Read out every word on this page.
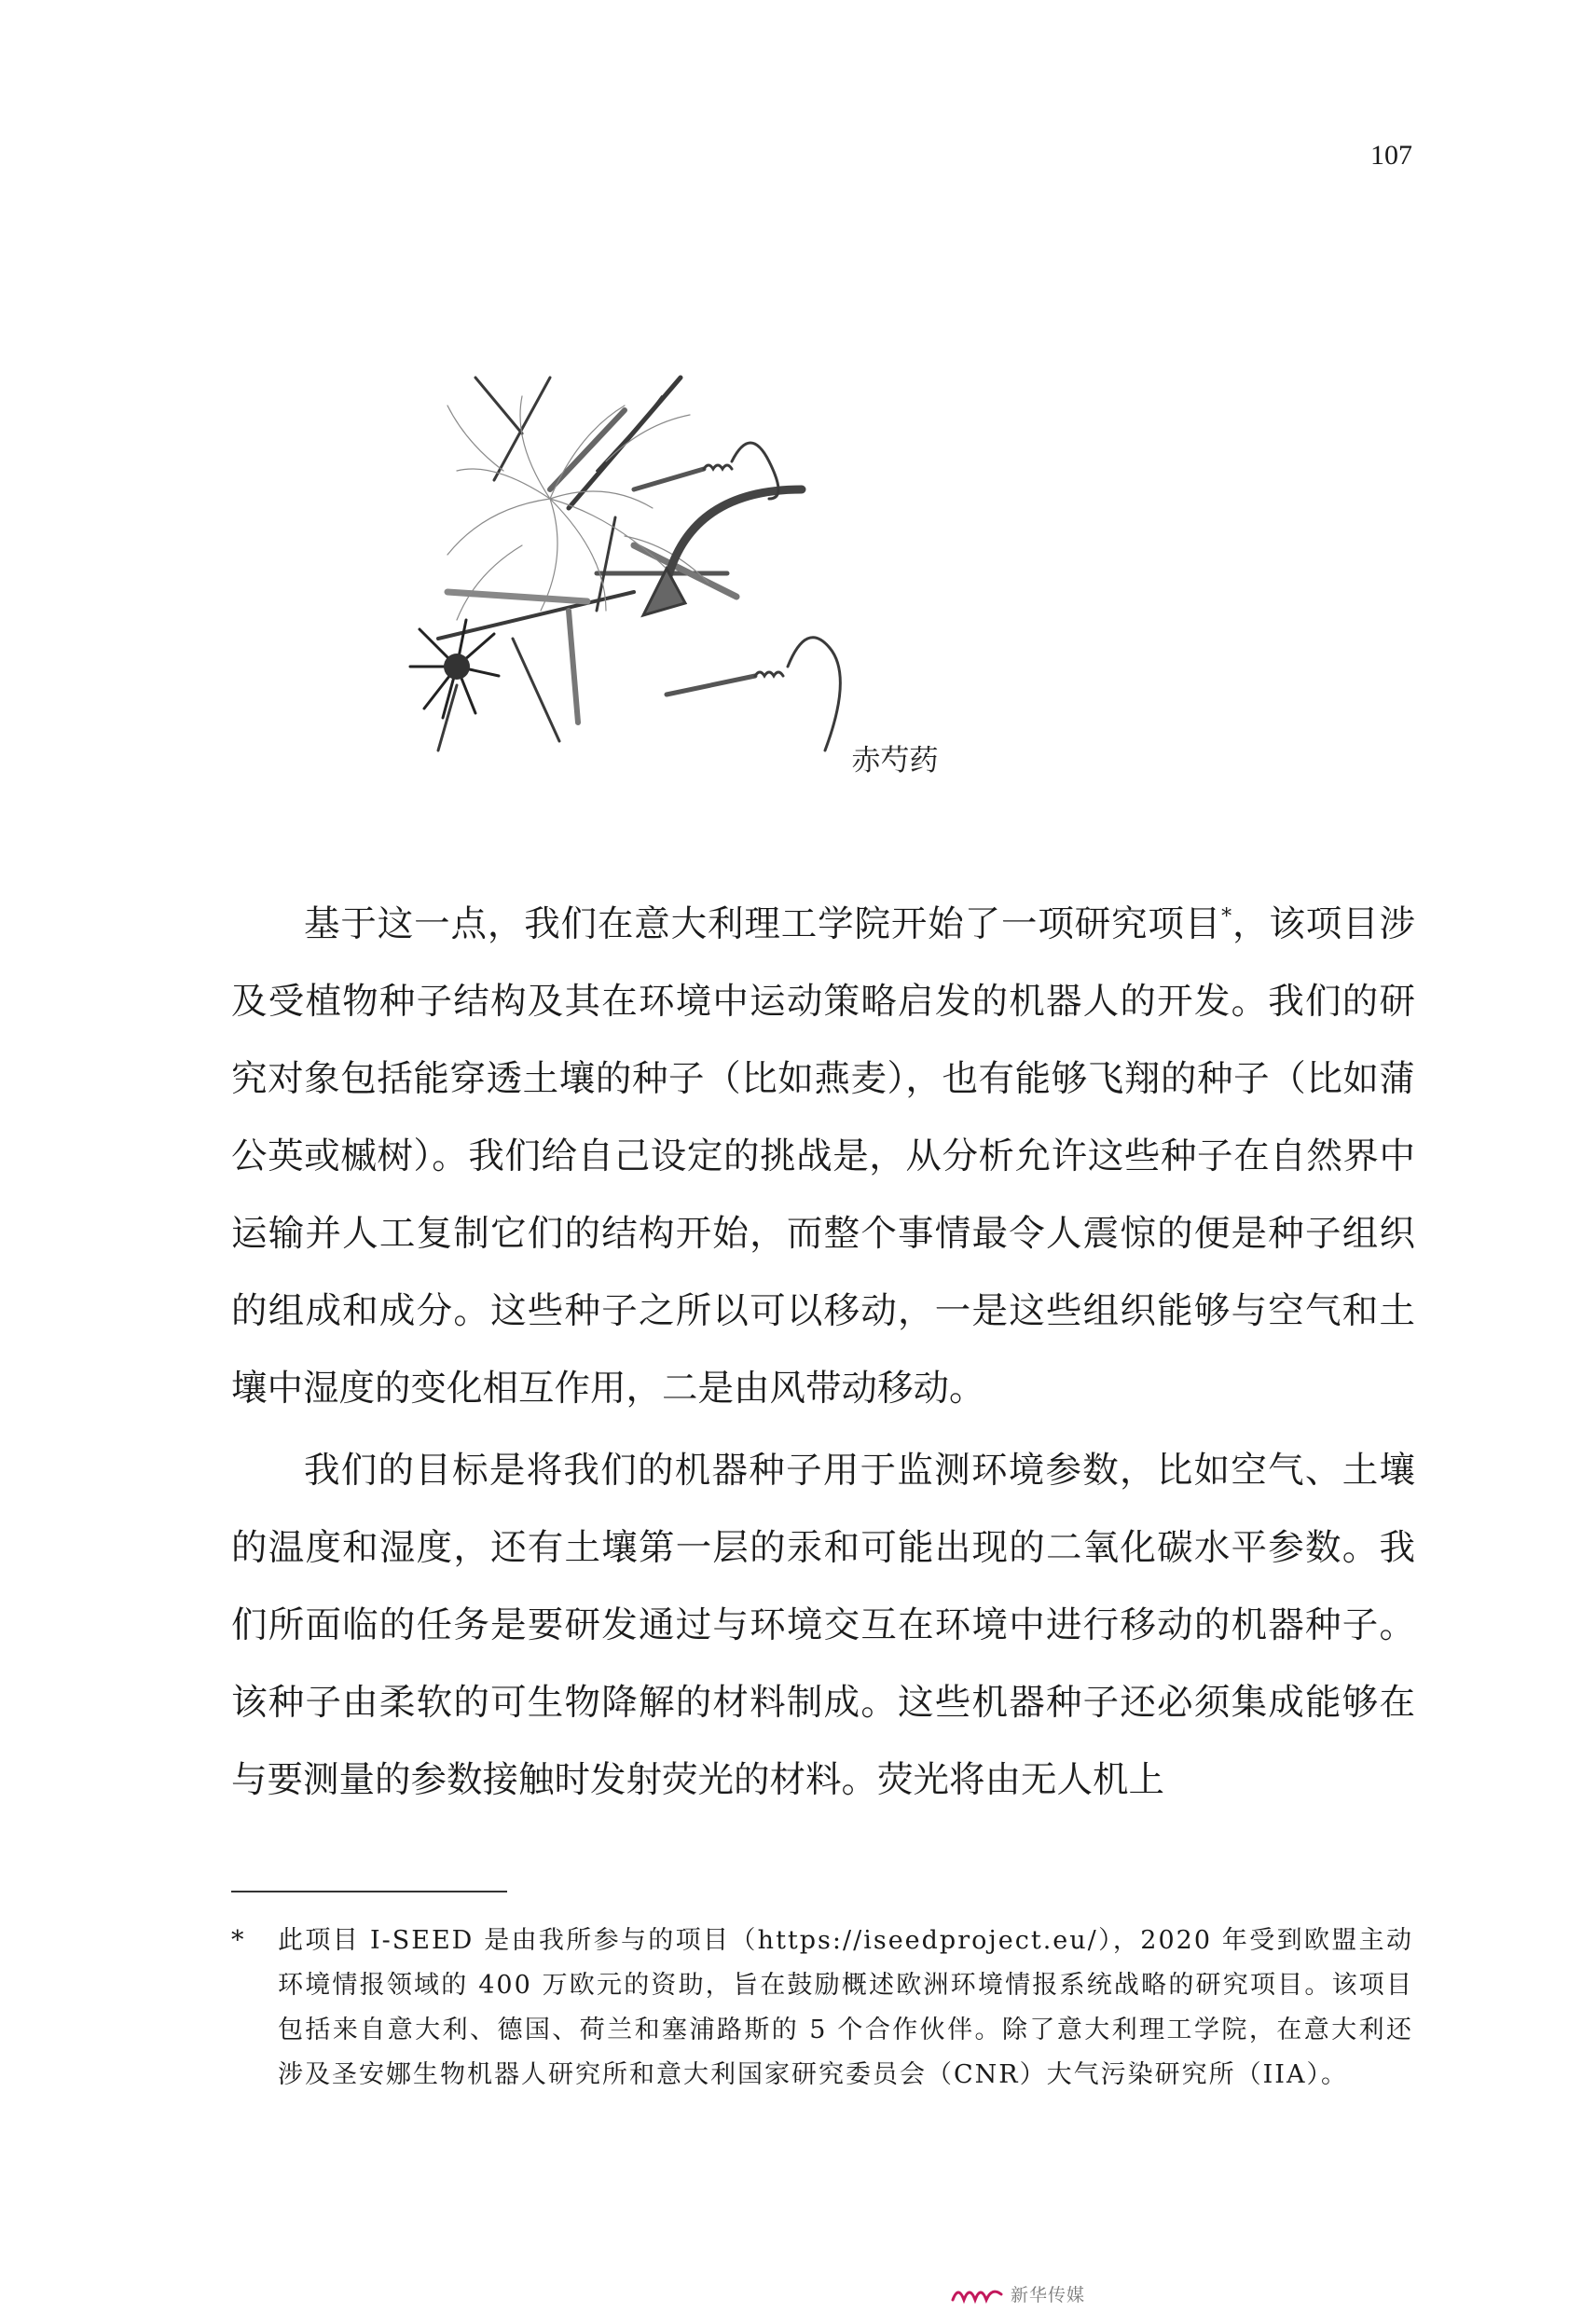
107
赤芍药

基于这一点，我们在意大利理工学院开始了一项研究项目*，该项目涉及受植物种子结构及其在环境中运动策略启发的机器人的开发。我们的研究对象包括能穿透土壤的种子（比如燕麦），也有能够飞翔的种子（比如蒲公英或槭树）。我们给自己设定的挑战是，从分析允许这些种子在自然界中运输并人工复制它们的结构开始，而整个事情最令人震惊的便是种子组织的组成和成分。这些种子之所以可以移动，一是这些组织能够与空气和土壤中湿度的变化相互作用，二是由风带动移动。

我们的目标是将我们的机器种子用于监测环境参数，比如空气、土壤的温度和湿度，还有土壤第一层的汞和可能出现的二氧化碳水平参数。我们所面临的任务是要研发通过与环境交互在环境中进行移动的机器种子。该种子由柔软的可生物降解的材料制成。这些机器种子还必须集成能够在与要测量的参数接触时发射荧光的材料。荧光将由无人机上

*	此项目 I-SEED 是由我所参与的项目（https://iseedproject.eu/），2020 年受到欧盟主动环境情报领域的 400 万欧元的资助，旨在鼓励概述欧洲环境情报系统战略的研究项目。该项目包括来自意大利、德国、荷兰和塞浦路斯的 5 个合作伙伴。除了意大利理工学院，在意大利还涉及圣安娜生物机器人研究所和意大利国家研究委员会（CNR）大气污染研究所（IIA）。
新华传媒
